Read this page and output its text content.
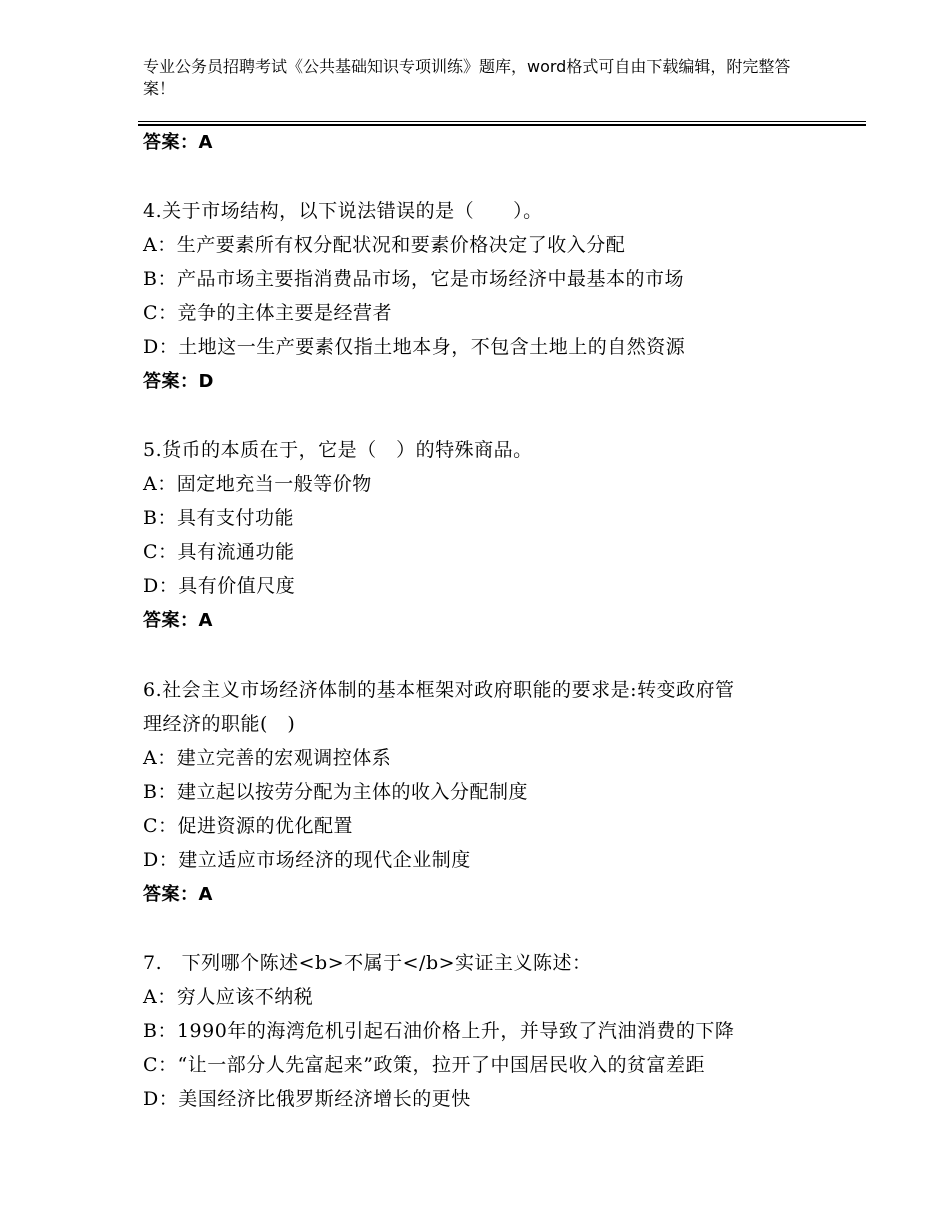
专业公务员招聘考试《公共基础知识专项训练》题库，word格式可自由下载编辑，附完整答案！
答案：A
4.关于市场结构，以下说法错误的是（　　）。
A：生产要素所有权分配状况和要素价格决定了收入分配
B：产品市场主要指消费品市场，它是市场经济中最基本的市场
C：竞争的主体主要是经营者
D：土地这一生产要素仅指土地本身，不包含土地上的自然资源
答案：D
5.货币的本质在于，它是（　）的特殊商品。
A：固定地充当一般等价物
B：具有支付功能
C：具有流通功能
D：具有价值尺度
答案：A
6.社会主义市场经济体制的基本框架对政府职能的要求是:转变政府管
理经济的职能(　)
A：建立完善的宏观调控体系
B：建立起以按劳分配为主体的收入分配制度
C：促进资源的优化配置
D：建立适应市场经济的现代企业制度
答案：A
7.　下列哪个陈述<b>不属于</b>实证主义陈述：
A：穷人应该不纳税
B：1990年的海湾危机引起石油价格上升，并导致了汽油消费的下降
C：“让一部分人先富起来”政策，拉开了中国居民收入的贫富差距
D：美国经济比俄罗斯经济增长的更快
